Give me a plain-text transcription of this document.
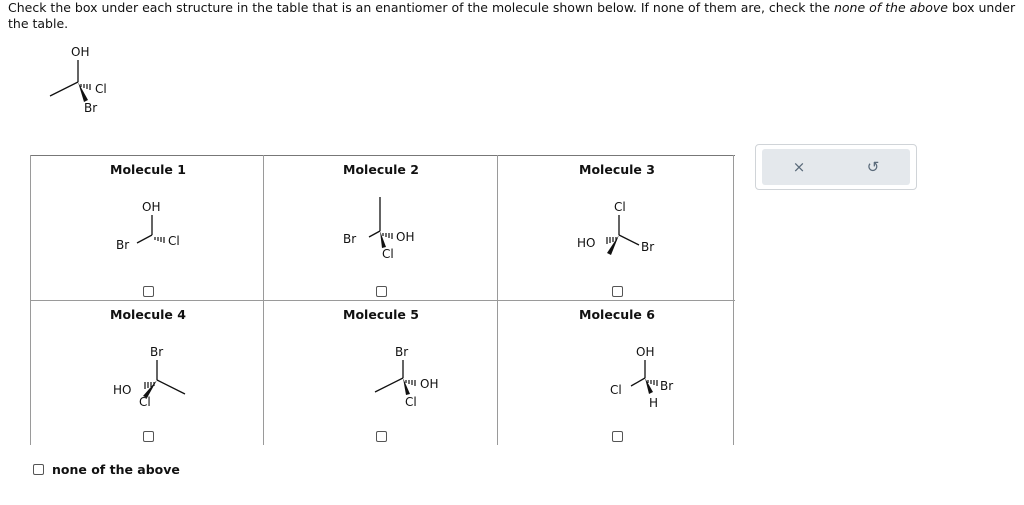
Check the box under each structure in the table that is an enantiomer of the molecule shown below. If none of them are, check the none of the above box under the table.
OH
Cl
Br
Molecule 1
OH
Br	Cl
Molecule 2
Br	OH
Cl
Molecule 3
Cl
HO	Br
Molecule 4
Br
HO
Cl
Molecule 5
Br
OH
Cl
Molecule 6
OH
Cl	Br
H
none of the above
×	↺
